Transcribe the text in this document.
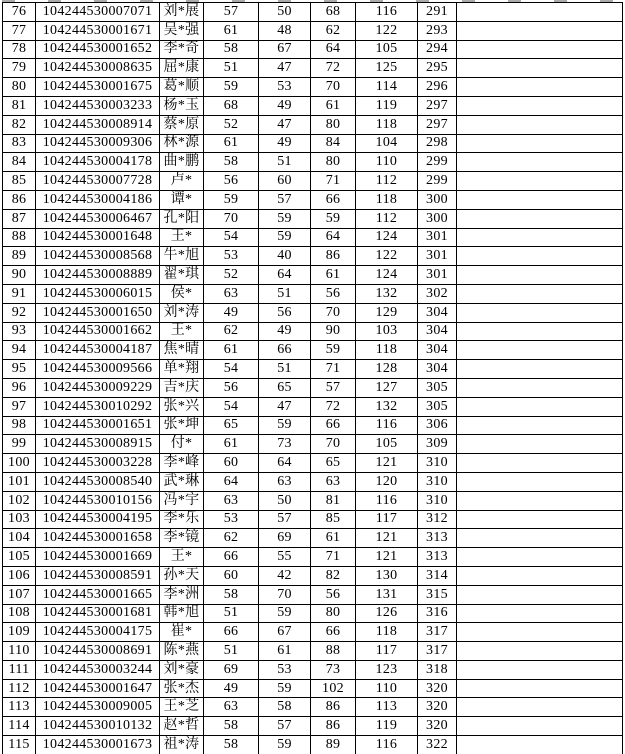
76	104244530007071	刘*展	57	50	68	116	291	
77	104244530001671	吴*强	61	48	62	122	293	
78	104244530001652	李*奇	58	67	64	105	294	
79	104244530008635	屈*康	51	47	72	125	295	
80	104244530001675	葛*顺	59	53	70	114	296	
81	104244530003233	杨*玉	68	49	61	119	297	
82	104244530008914	蔡*原	52	47	80	118	297	
83	104244530009306	林*源	61	49	84	104	298	
84	104244530004178	曲*鹏	58	51	80	110	299	
85	104244530007728	卢*	56	60	71	112	299	
86	104244530004186	谭*	59	57	66	118	300	
87	104244530006467	孔*阳	70	59	59	112	300	
88	104244530001648	王*	54	59	64	124	301	
89	104244530008568	牛*旭	53	40	86	122	301	
90	104244530008889	翟*琪	52	64	61	124	301	
91	104244530006015	侯*	63	51	56	132	302	
92	104244530001650	刘*涛	49	56	70	129	304	
93	104244530001662	王*	62	49	90	103	304	
94	104244530004187	焦*晴	61	66	59	118	304	
95	104244530009566	单*翔	54	51	71	128	304	
96	104244530009229	吉*庆	56	65	57	127	305	
97	104244530010292	张*兴	54	47	72	132	305	
98	104244530001651	张*坤	65	59	66	116	306	
99	104244530008915	付*	61	73	70	105	309	
100	104244530003228	李*峰	60	64	65	121	310	
101	104244530008540	武*琳	64	63	63	120	310	
102	104244530010156	冯*宇	63	50	81	116	310	
103	104244530004195	李*乐	53	57	85	117	312	
104	104244530001658	李*镜	62	69	61	121	313	
105	104244530001669	王*	66	55	71	121	313	
106	104244530008591	孙*天	60	42	82	130	314	
107	104244530001665	李*洲	58	70	56	131	315	
108	104244530001681	韩*旭	51	59	80	126	316	
109	104244530004175	崔*	66	67	66	118	317	
110	104244530008691	陈*燕	51	61	88	117	317	
111	104244530003244	刘*豪	69	53	73	123	318	
112	104244530001647	张*杰	49	59	102	110	320	
113	104244530009005	王*芝	63	58	86	113	320	
114	104244530010132	赵*哲	58	57	86	119	320	
115	104244530001673	祖*涛	58	59	89	116	322	
